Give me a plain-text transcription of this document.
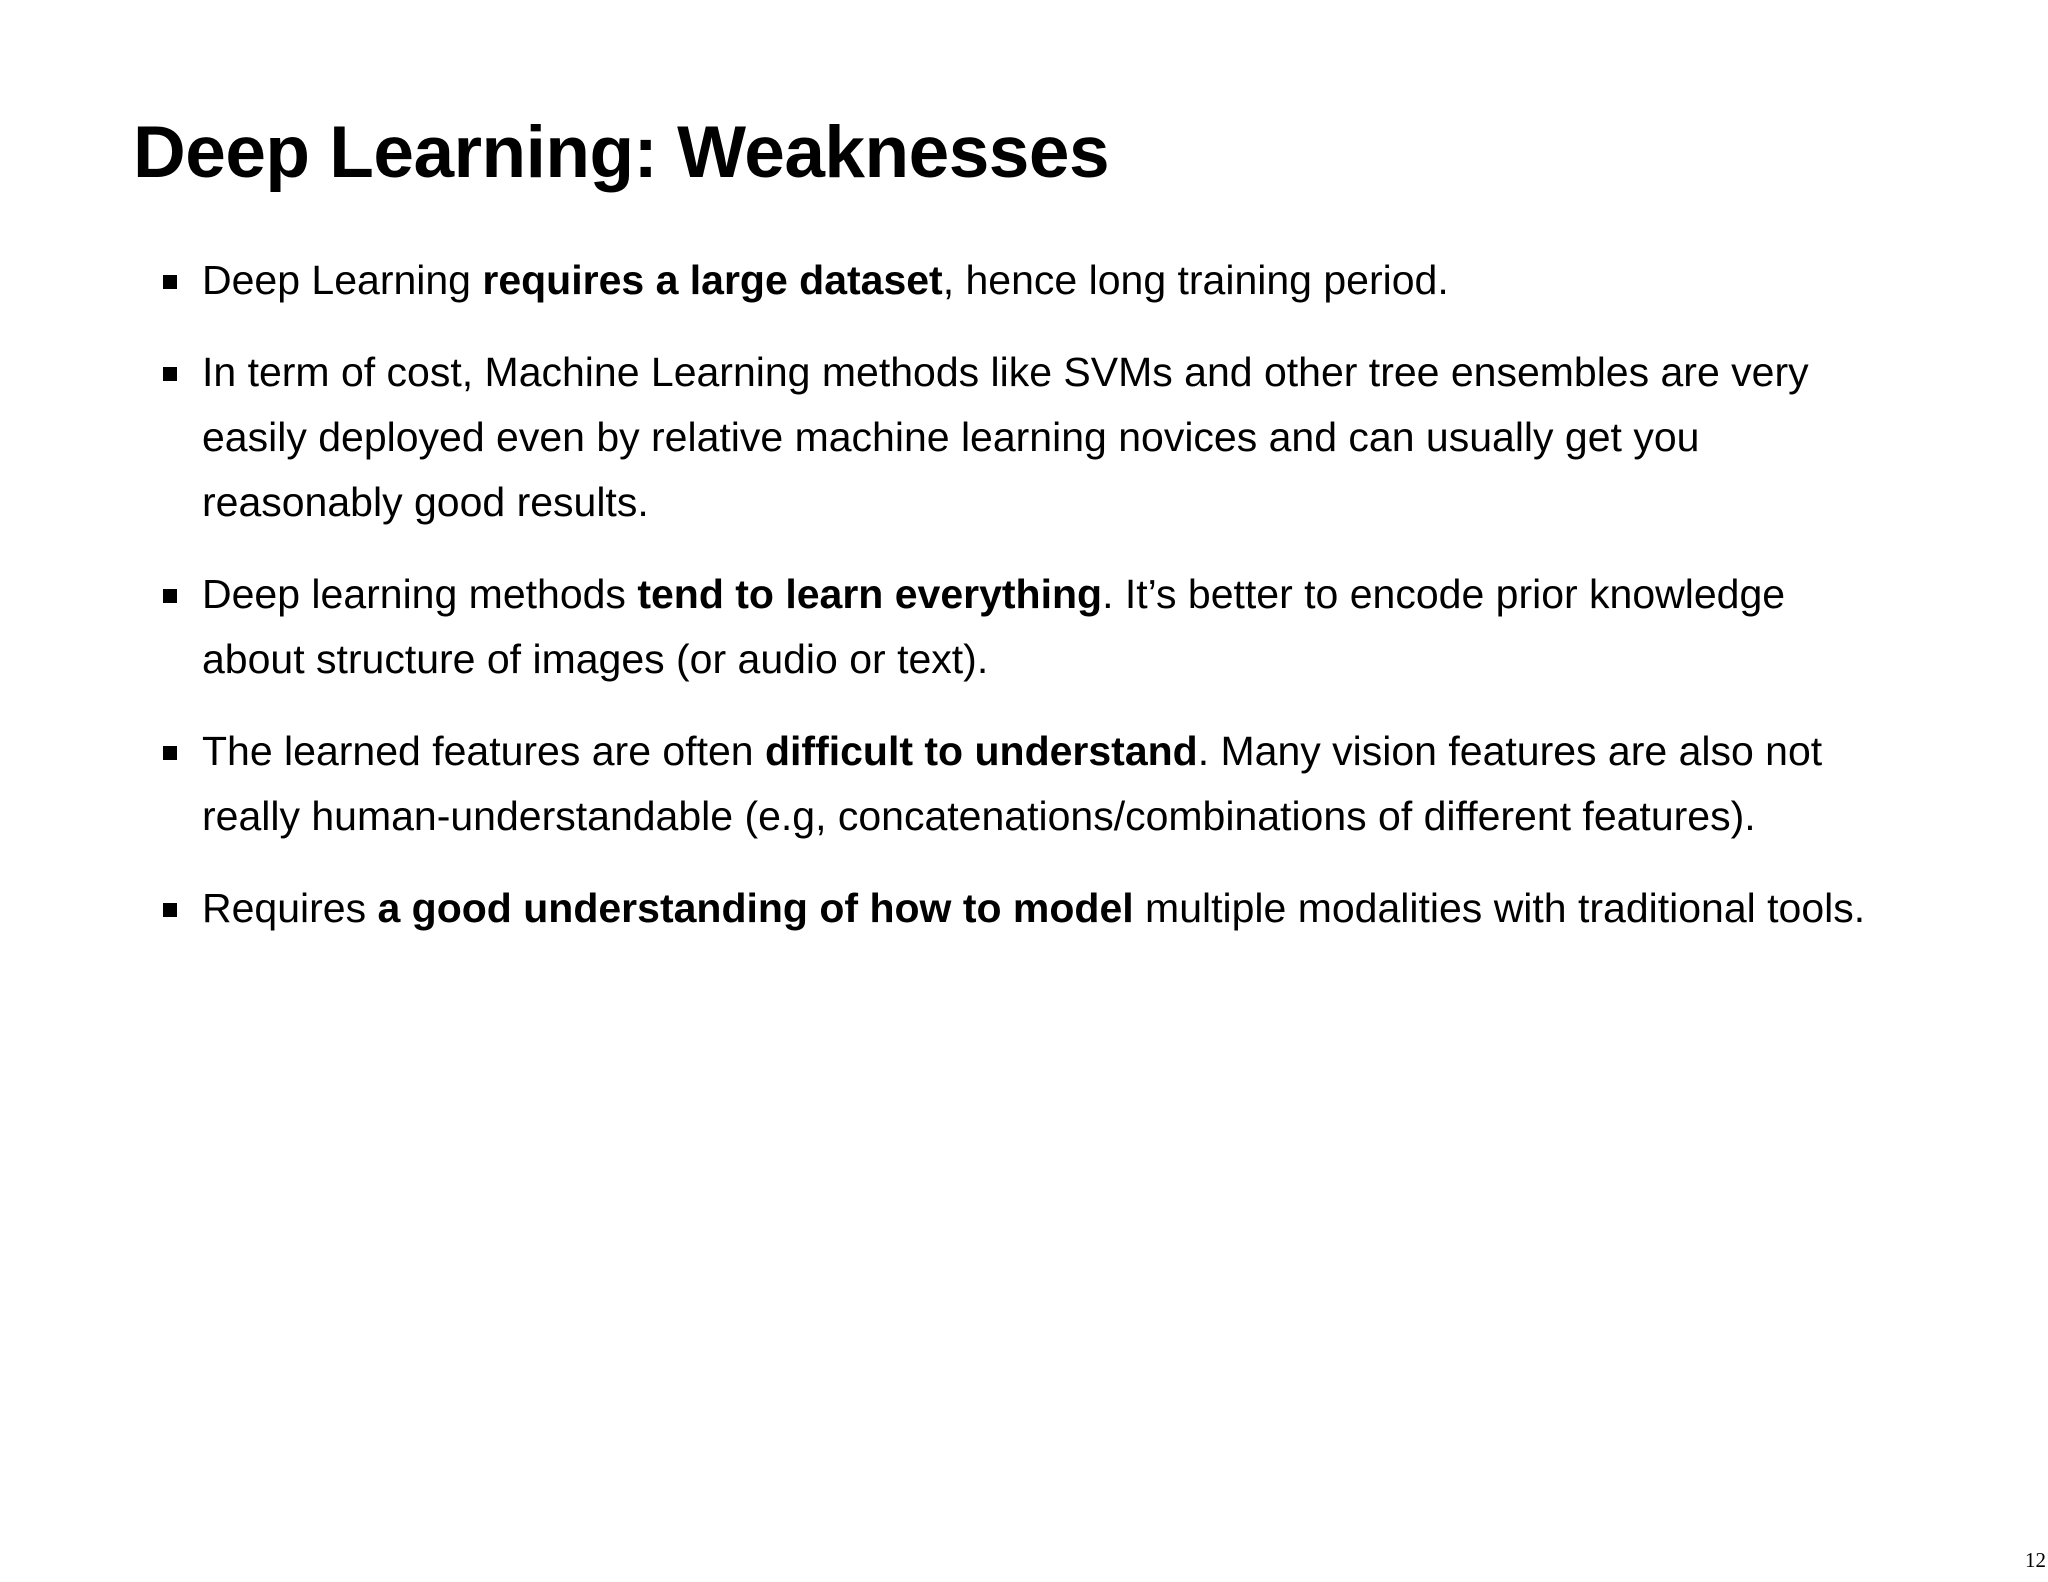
Deep Learning: Weaknesses
Deep Learning requires a large dataset, hence long training period.
In term of cost, Machine Learning methods like SVMs and other tree ensembles are very easily deployed even by relative machine learning novices and can usually get you reasonably good results.
Deep learning methods tend to learn everything. It’s better to encode prior knowledge about structure of images (or audio or text).
The learned features are often difficult to understand. Many vision features are also not really human-understandable (e.g, concatenations/combinations of different features).
Requires a good understanding of how to model multiple modalities with traditional tools.
12
